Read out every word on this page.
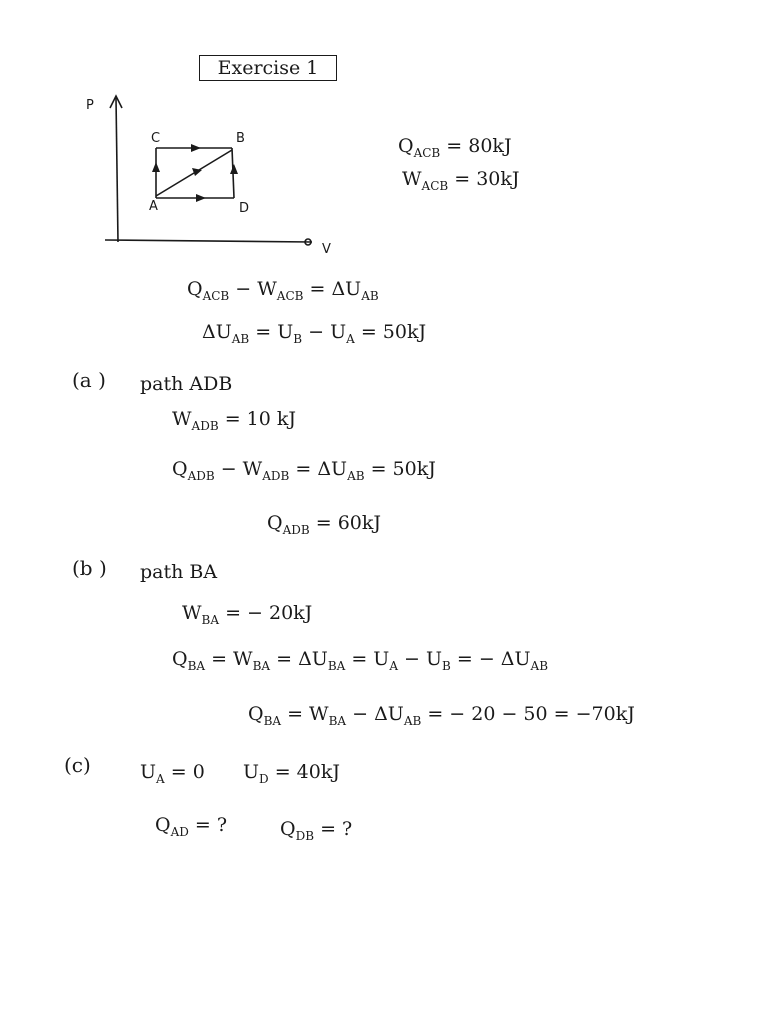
Exercise 1
P
V
C	B
A	D
$Q_{ACB} = 80kJ$
$W_{ACB} = 30kJ$
$Q_{ACB} - W_{ACB} = \Delta U_{AB}$
$\Delta U_{AB} = U_B - U_A = 50kJ$
(a ) path ADB
$W_{ADB} = 10$ kJ
$Q_{ADB} - W_{ADB} = \Delta U_{AB} = 50kJ$
$Q_{ADB} = 60kJ$
(b ) path BA
$W_{BA}$ = − 20kJ
$Q_{BA} = W_{BA} = \Delta U_{BA} = U_A - U_B$ = − $\Delta U_{AB}$
$Q_{BA} = W_{BA} - \Delta U_{AB}$ = − 20 − 50 = −70kJ
(c)	$U_A = 0$ $U_D = 40kJ$
$Q_{AD}$ = ?	$Q_{DB}$ = ?
